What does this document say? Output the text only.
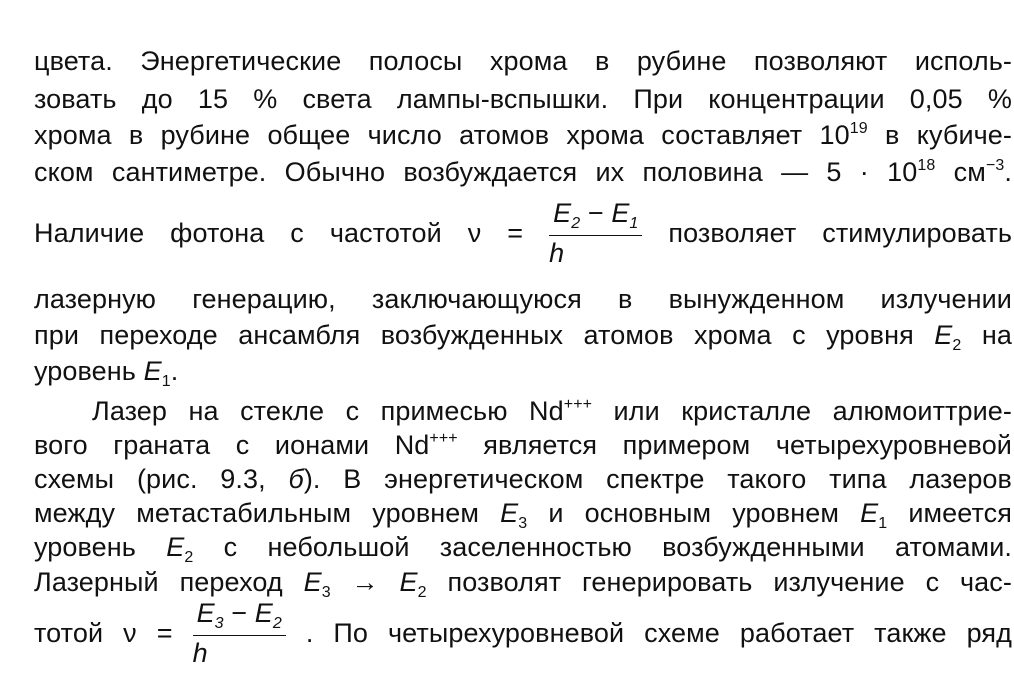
цвета. Энергетические полосы хрома в рубине позволяют исполь-
зовать до 15 % света лампы-вспышки. При концентрации 0,05 %
хрома в рубине общее число атомов хрома составляет $10^{19}$ в кубиче-
ском сантиметре. Обычно возбуждается их половина — $5 \cdot 10^{18}$ $см^{-3}$.
Наличие фотона с частотой $\nu = \frac{E_2 - E_1}{h}$ позволяет стимулировать
лазерную генерацию, заключающуюся в вынужденном излучении
при переходе ансамбля возбужденных атомов хрома с уровня $E_2$ на
уровень $E_1$.
Лазер на стекле с примесью Nd+++ или кристалле алюмоиттрие-
вого граната с ионами Nd+++ является примером четырехуровневой
схемы (рис. 9.3, б). В энергетическом спектре такого типа лазеров
между метастабильным уровнем $E_3$ и основным уровнем $E_1$ имеется
уровень $E_2$ с небольшой заселенностью возбужденными атомами.
Лазерный переход $E_3 \to E_2$ позволят генерировать излучение с час-
тотой $\nu = \frac{E_3 - E_2}{h}$ . По четырехуровневой схеме работает также ряд
